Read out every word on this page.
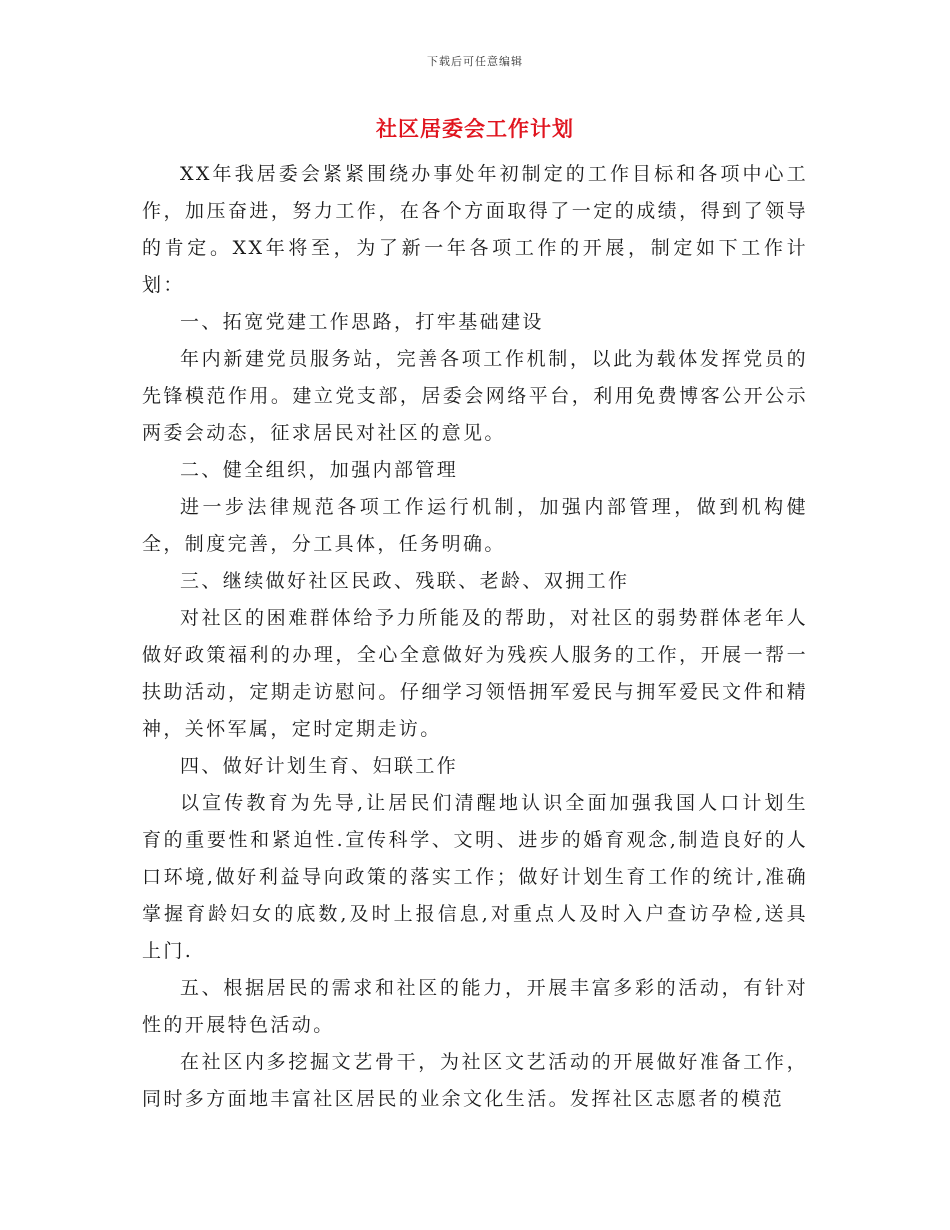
下载后可任意编辑
社区居委会工作计划

XX年我居委会紧紧围绕办事处年初制定的工作目标和各项中心工作，加压奋进，努力工作，在各个方面取得了一定的成绩，得到了领导的肯定。XX年将至，为了新一年各项工作的开展，制定如下工作计划：

一、拓宽党建工作思路，打牢基础建设

年内新建党员服务站，完善各项工作机制，以此为载体发挥党员的先锋模范作用。建立党支部，居委会网络平台，利用免费博客公开公示两委会动态，征求居民对社区的意见。

二、健全组织，加强内部管理

进一步法律规范各项工作运行机制，加强内部管理，做到机构健全，制度完善，分工具体，任务明确。

三、继续做好社区民政、残联、老龄、双拥工作

对社区的困难群体给予力所能及的帮助，对社区的弱势群体老年人做好政策福利的办理，全心全意做好为残疾人服务的工作，开展一帮一扶助活动，定期走访慰问。仔细学习领悟拥军爱民与拥军爱民文件和精神，关怀军属，定时定期走访。

四、做好计划生育、妇联工作

以宣传教育为先导,让居民们清醒地认识全面加强我国人口计划生育的重要性和紧迫性.宣传科学、文明、进步的婚育观念,制造良好的人口环境,做好利益导向政策的落实工作；做好计划生育工作的统计,准确掌握育龄妇女的底数,及时上报信息,对重点人及时入户查访孕检,送具上门.

五、根据居民的需求和社区的能力，开展丰富多彩的活动，有针对性的开展特色活动。

在社区内多挖掘文艺骨干，为社区文艺活动的开展做好准备工作，同时多方面地丰富社区居民的业余文化生活。发挥社区志愿者的模范
